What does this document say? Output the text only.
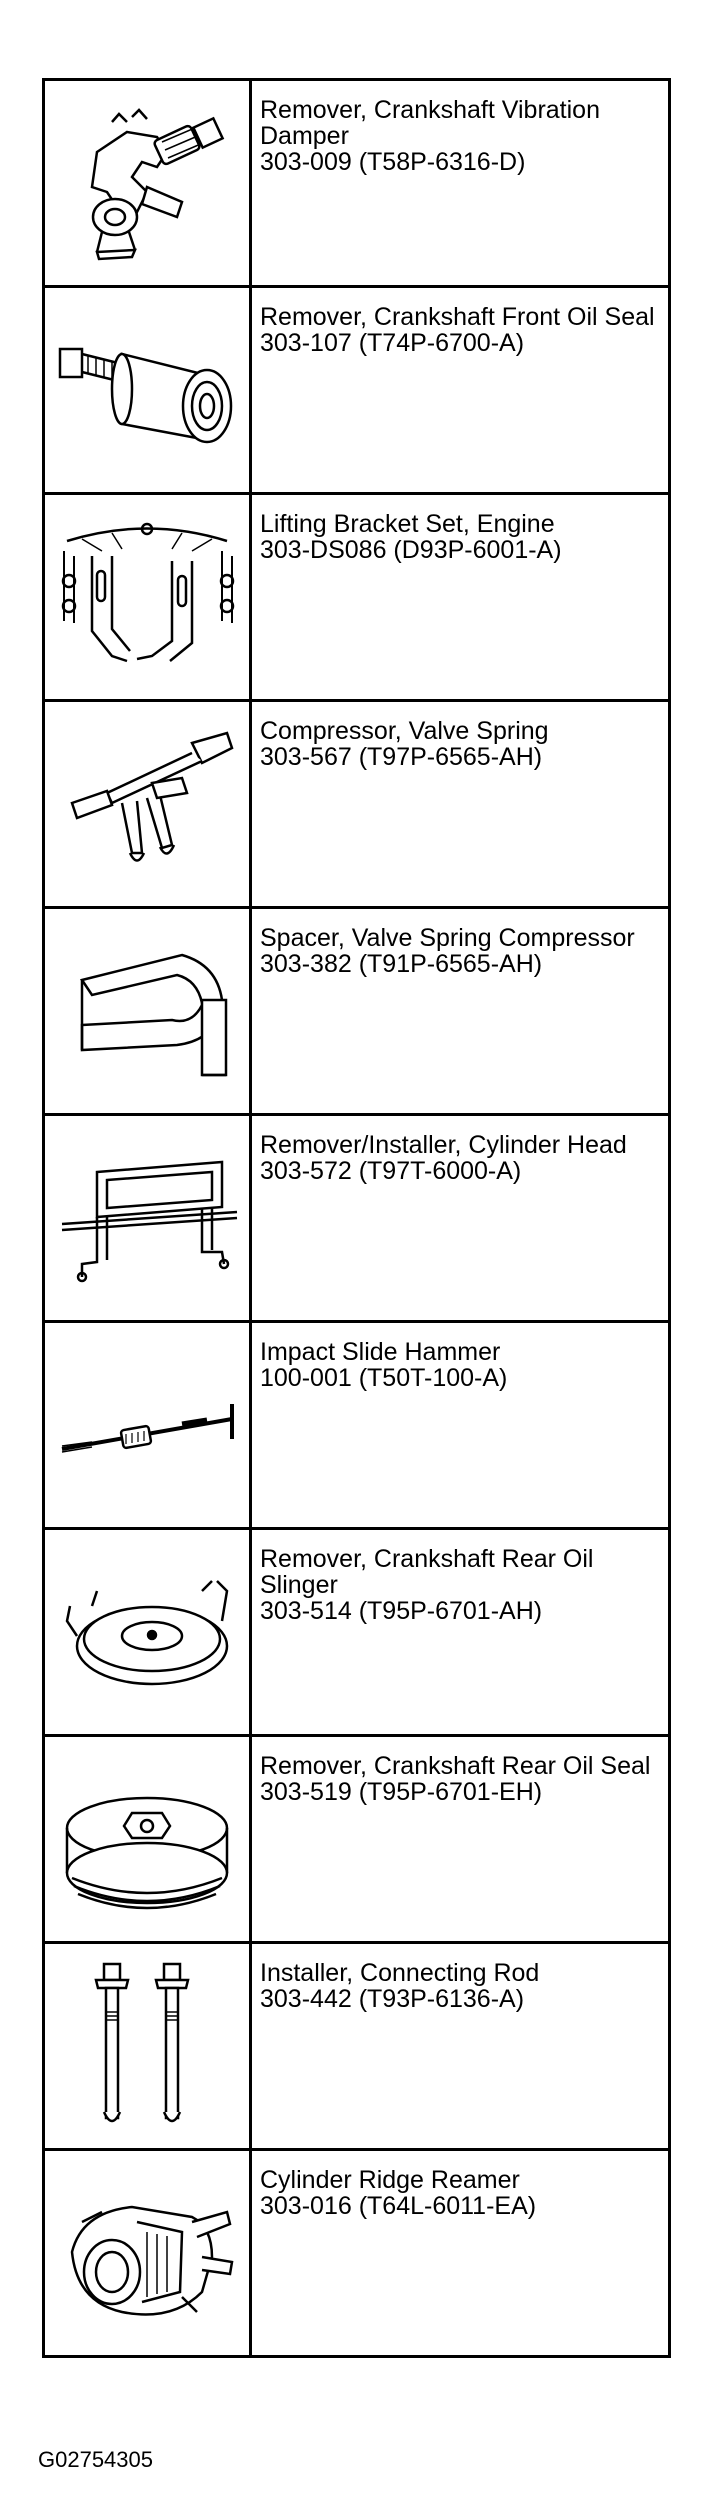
Remover, Crankshaft Vibration Damper
303-009 (T58P-6316-D)

Remover, Crankshaft Front Oil Seal
303-107 (T74P-6700-A)

Lifting Bracket Set, Engine
303-DS086 (D93P-6001-A)

Compressor, Valve Spring
303-567 (T97P-6565-AH)

Spacer, Valve Spring Compressor
303-382 (T91P-6565-AH)

Remover/Installer, Cylinder Head
303-572 (T97T-6000-A)

Impact Slide Hammer
100-001 (T50T-100-A)

Remover, Crankshaft Rear Oil Slinger
303-514 (T95P-6701-AH)

Remover, Crankshaft Rear Oil Seal
303-519 (T95P-6701-EH)

Installer, Connecting Rod
303-442 (T93P-6136-A)

Cylinder Ridge Reamer
303-016 (T64L-6011-EA)
G02754305
